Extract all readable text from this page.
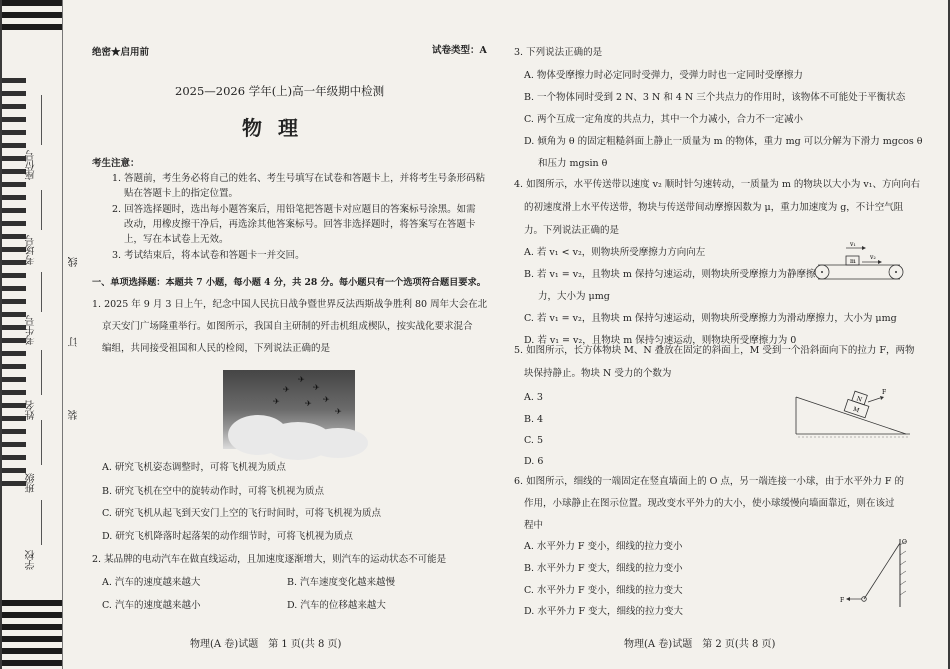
座位号
考场号
考生号
姓名
班级
学校
线
订
装
绝密★启用前	试卷类型：A
2025—2026 学年(上)高一年级期中检测
物理
考生注意：
1. 答题前，考生务必将自己的姓名、考生号填写在试卷和答题卡上，并将考生号条形码粘
贴在答题卡上的指定位置。
2. 回答选择题时，选出每小题答案后，用铅笔把答题卡对应题目的答案标号涂黑。如需
改动，用橡皮擦干净后，再选涂其他答案标号。回答非选择题时，将答案写在答题卡
上，写在本试卷上无效。
3. 考试结束后，将本试卷和答题卡一并交回。
一、单项选择题：本题共 7 小题，每小题 4 分，共 28 分。每小题只有一个选项符合题目要求。
1. 2025 年 9 月 3 日上午，纪念中国人民抗日战争暨世界反法西斯战争胜利 80 周年大会在北
京天安门广场隆重举行。如图所示，我国自主研制的歼击机组成楔队，按实战化要求混合
编组，共同接受祖国和人民的检阅，下列说法正确的是
✈
✈	✈
✈	✈
✈
✈
A. 研究飞机姿态调整时，可将飞机视为质点
B. 研究飞机在空中的旋转动作时，可将飞机视为质点
C. 研究飞机从起飞到天安门上空的飞行时间时，可将飞机视为质点
D. 研究飞机降落时起落架的动作细节时，可将飞机视为质点
2. 某品牌的电动汽车在做直线运动，且加速度逐渐增大，则汽车的运动状态不可能是
A. 汽车的速度越来越大	B. 汽车速度变化越来越慢
C. 汽车的速度越来越小	D. 汽车的位移越来越大
物理(A 卷)试题　第 1 页(共 8 页)
3. 下列说法正确的是
A. 物体受摩擦力时必定同时受弹力，受弹力时也一定同时受摩擦力
B. 一个物体同时受到 2 N、3 N 和 4 N 三个共点力的作用时，该物体不可能处于平衡状态
C. 两个互成一定角度的共点力，其中一个力减小，合力不一定减小
D. 倾角为 θ 的固定粗糙斜面上静止一质量为 m 的物体，重力 mg 可以分解为下滑力 mgcos θ
和压力 mgsin θ
4. 如图所示，水平传送带以速度 v₂ 顺时针匀速转动，一质量为 m 的物块以大小为 v₁、方向向右
的初速度滑上水平传送带，物块与传送带间动摩擦因数为 μ，重力加速度为 g，不计空气阻
力。下列说法正确的是
A. 若 v₁ < v₂，则物块所受摩擦力方向向左
B. 若 v₁ = v₂，且物块 m 保持匀速运动，则物块所受摩擦力为静摩擦
力，大小为 μmg
C. 若 v₁ = v₂，且物块 m 保持匀速运动，则物块所受摩擦力为滑动摩擦力，大小为 μmg
D. 若 v₁ = v₂，且物块 m 保持匀速运动，则物块所受摩擦力为 0
v₁
m
v₂
5. 如图所示，长方体物块 M、N 叠放在固定的斜面上，M 受到一个沿斜面向下的拉力 F，两物
块保持静止。物块 N 受力的个数为
A. 3
B. 4
C. 5
D. 6
N
M
F
6. 如图所示，细线的一端固定在竖直墙面上的 O 点，另一端连接一小球，由于水平外力 F 的
作用，小球静止在图示位置。现改变水平外力的大小，使小球缓慢向墙面靠近，则在该过
程中
A. 水平外力 F 变小，细线的拉力变小
B. 水平外力 F 变大，细线的拉力变小
C. 水平外力 F 变小，细线的拉力变大
D. 水平外力 F 变大，细线的拉力变大
O
F
物理(A 卷)试题　第 2 页(共 8 页)
